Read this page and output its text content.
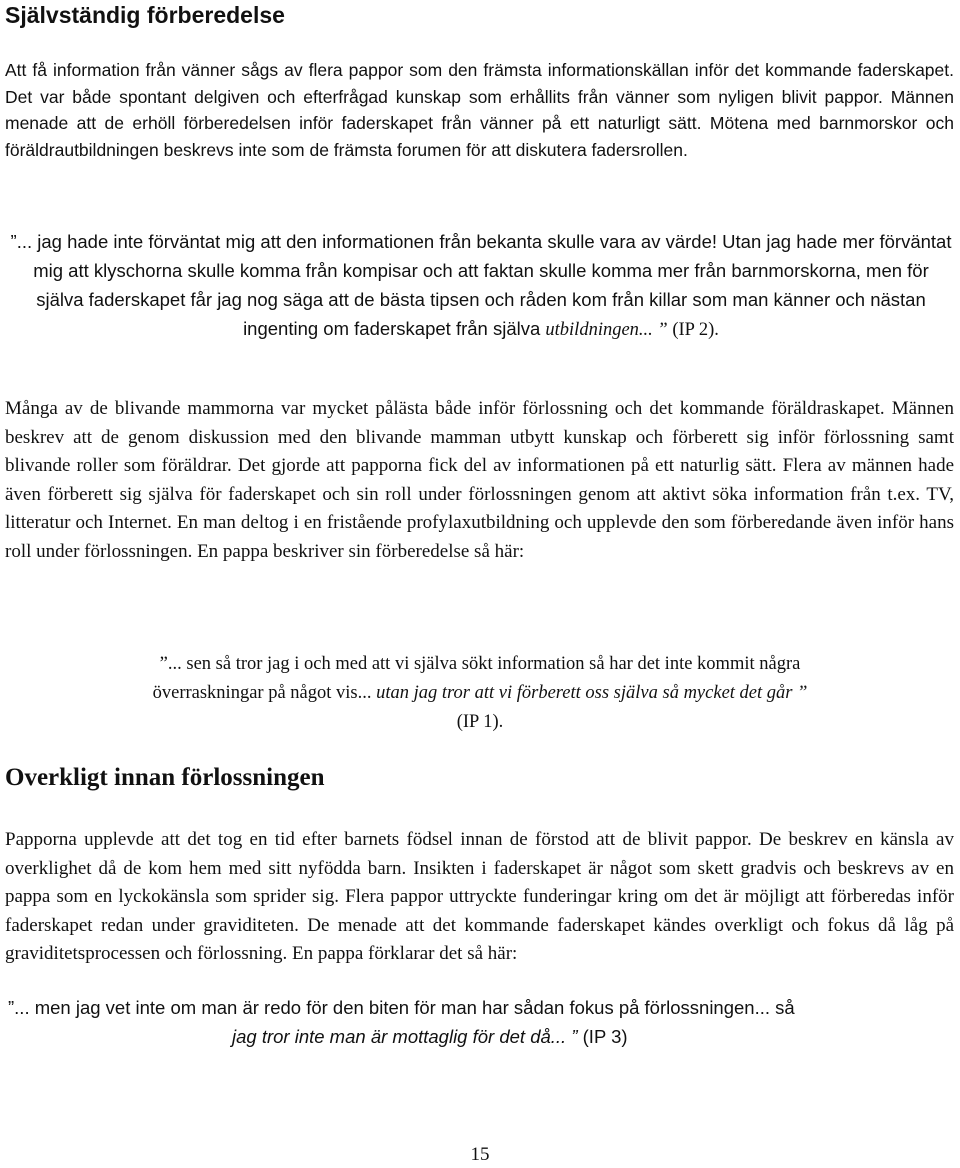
Självständig förberedelse

Att få information från vänner sågs av flera pappor som den främsta informationskällan inför det kommande faderskapet. Det var både spontant delgiven och efterfrågad kunskap som erhållits från vänner som nyligen blivit pappor. Männen menade att de erhöll förberedelsen inför faderskapet från vänner på ett naturligt sätt. Mötena med barnmorskor och föräldrautbildningen beskrevs inte som de främsta forumen för att diskutera fadersrollen.

”... jag hade inte förväntat mig att den informationen från bekanta skulle vara av värde! Utan jag hade mer förväntat mig att klyschorna skulle komma från kompisar och att faktan skulle komma mer från barnmorskorna, men för själva faderskapet får jag nog säga att de bästa tipsen och råden kom från killar som man känner och nästan ingenting om faderskapet från själva utbildningen... ” (IP 2).

Många av de blivande mammorna var mycket pålästa både inför förlossning och det kommande föräldraskapet. Männen beskrev att de genom diskussion med den blivande mamman utbytt kunskap och förberett sig inför förlossning samt blivande roller som föräldrar. Det gjorde att papporna fick del av informationen på ett naturlig sätt. Flera av männen hade även förberett sig själva för faderskapet och sin roll under förlossningen genom att aktivt söka information från t.ex. TV, litteratur och Internet. En man deltog i en fristående profylaxutbildning och upplevde den som förberedande även inför hans roll under förlossningen. En pappa beskriver sin förberedelse så här:

”... sen så tror jag i och med att vi själva sökt information så har det inte kommit några
överraskningar på något vis... utan jag tror att vi förberett oss själva så mycket det går ”
(IP 1).
Overkligt innan förlossningen

Papporna upplevde att det tog en tid efter barnets födsel innan de förstod att de blivit pappor. De beskrev en känsla av overklighet då de kom hem med sitt nyfödda barn. Insikten i faderskapet är något som skett gradvis och beskrevs av en pappa som en lyckokänsla som sprider sig. Flera pappor uttryckte funderingar kring om det är möjligt att förberedas inför faderskapet redan under graviditeten. De menade att det kommande faderskapet kändes overkligt och fokus då låg på graviditetsprocessen och förlossning. En pappa förklarar det så här:

”... men jag vet inte om man är redo för den biten för man har sådan fokus på förlossningen... så
jag tror inte man är mottaglig för det då... ” (IP 3)

15
